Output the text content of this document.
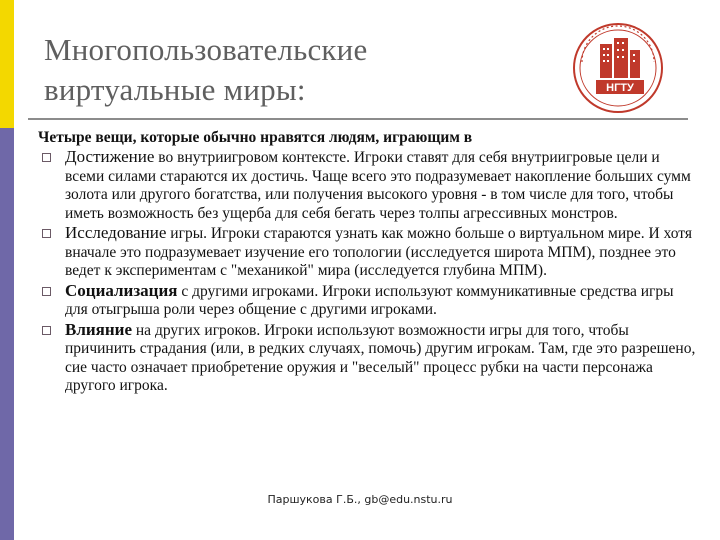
Многопользовательские
виртуальные миры:	НГТУ

Четыре вещи, которые обычно нравятся людям, играющим в

Достижение во внутриигровом контексте. Игроки ставят для себя внутриигровые цели и всеми силами стараются их достичь. Чаще всего это подразумевает накопление больших сумм золота или другого богатства, или получения высокого уровня - в том числе для того, чтобы иметь возможность без ущерба для себя бегать через толпы агрессивных монстров.
Исследование игры. Игроки стараются узнать как можно больше о виртуальном мире. И хотя вначале это подразумевает изучение его топологии (исследуется широта МПМ), позднее это ведет к экспериментам с "механикой" мира (исследуется глубина МПМ).
Социализация с другими игроками. Игроки используют коммуникативные средства игры для отыгрыша роли через общение с другими игроками.
Влияние на других игроков. Игроки используют возможности игры для того, чтобы причинить страдания (или, в редких случаях, помочь) другим игрокам. Там, где это разрешено, сие часто означает приобретение оружия и "веселый" процесс рубки на части персонажа другого игрока.
Паршукова Г.Б., gb@edu.nstu.ru
